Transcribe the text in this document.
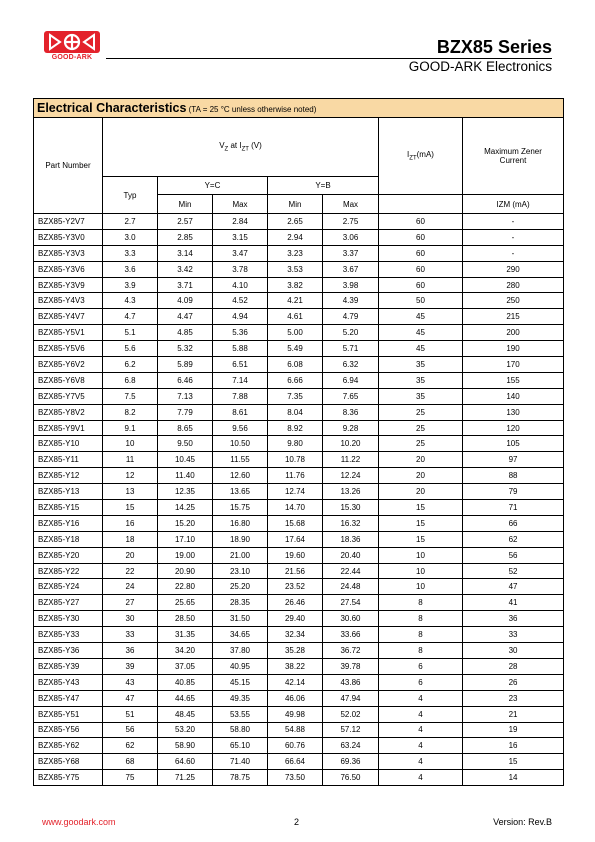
GOOD-ARK
BZX85 Series
GOOD-ARK Electronics
Electrical Characteristics (TA = 25 °C unless otherwise noted)							
Part Number	$V_Z$ at $I_{ZT}$ (V)					$I_{ZT}(mA)$	Maximum Zener Current
	Typ	Y=C		Y=B			
		Min	Max	Min	Max		IZM (mA)
BZX85-Y2V7	2.7	2.57	2.84	2.65	2.75	60	-
BZX85-Y3V0	3.0	2.85	3.15	2.94	3.06	60	-
BZX85-Y3V3	3.3	3.14	3.47	3.23	3.37	60	-
BZX85-Y3V6	3.6	3.42	3.78	3.53	3.67	60	290
BZX85-Y3V9	3.9	3.71	4.10	3.82	3.98	60	280
BZX85-Y4V3	4.3	4.09	4.52	4.21	4.39	50	250
BZX85-Y4V7	4.7	4.47	4.94	4.61	4.79	45	215
BZX85-Y5V1	5.1	4.85	5.36	5.00	5.20	45	200
BZX85-Y5V6	5.6	5.32	5.88	5.49	5.71	45	190
BZX85-Y6V2	6.2	5.89	6.51	6.08	6.32	35	170
BZX85-Y6V8	6.8	6.46	7.14	6.66	6.94	35	155
BZX85-Y7V5	7.5	7.13	7.88	7.35	7.65	35	140
BZX85-Y8V2	8.2	7.79	8.61	8.04	8.36	25	130
BZX85-Y9V1	9.1	8.65	9.56	8.92	9.28	25	120
BZX85-Y10	10	9.50	10.50	9.80	10.20	25	105
BZX85-Y11	11	10.45	11.55	10.78	11.22	20	97
BZX85-Y12	12	11.40	12.60	11.76	12.24	20	88
BZX85-Y13	13	12.35	13.65	12.74	13.26	20	79
BZX85-Y15	15	14.25	15.75	14.70	15.30	15	71
BZX85-Y16	16	15.20	16.80	15.68	16.32	15	66
BZX85-Y18	18	17.10	18.90	17.64	18.36	15	62
BZX85-Y20	20	19.00	21.00	19.60	20.40	10	56
BZX85-Y22	22	20.90	23.10	21.56	22.44	10	52
BZX85-Y24	24	22.80	25.20	23.52	24.48	10	47
BZX85-Y27	27	25.65	28.35	26.46	27.54	8	41
BZX85-Y30	30	28.50	31.50	29.40	30.60	8	36
BZX85-Y33	33	31.35	34.65	32.34	33.66	8	33
BZX85-Y36	36	34.20	37.80	35.28	36.72	8	30
BZX85-Y39	39	37.05	40.95	38.22	39.78	6	28
BZX85-Y43	43	40.85	45.15	42.14	43.86	6	26
BZX85-Y47	47	44.65	49.35	46.06	47.94	4	23
BZX85-Y51	51	48.45	53.55	49.98	52.02	4	21
BZX85-Y56	56	53.20	58.80	54.88	57.12	4	19
BZX85-Y62	62	58.90	65.10	60.76	63.24	4	16
BZX85-Y68	68	64.60	71.40	66.64	69.36	4	15
BZX85-Y75	75	71.25	78.75	73.50	76.50	4	14
www.goodark.com	2	Version: Rev.B
